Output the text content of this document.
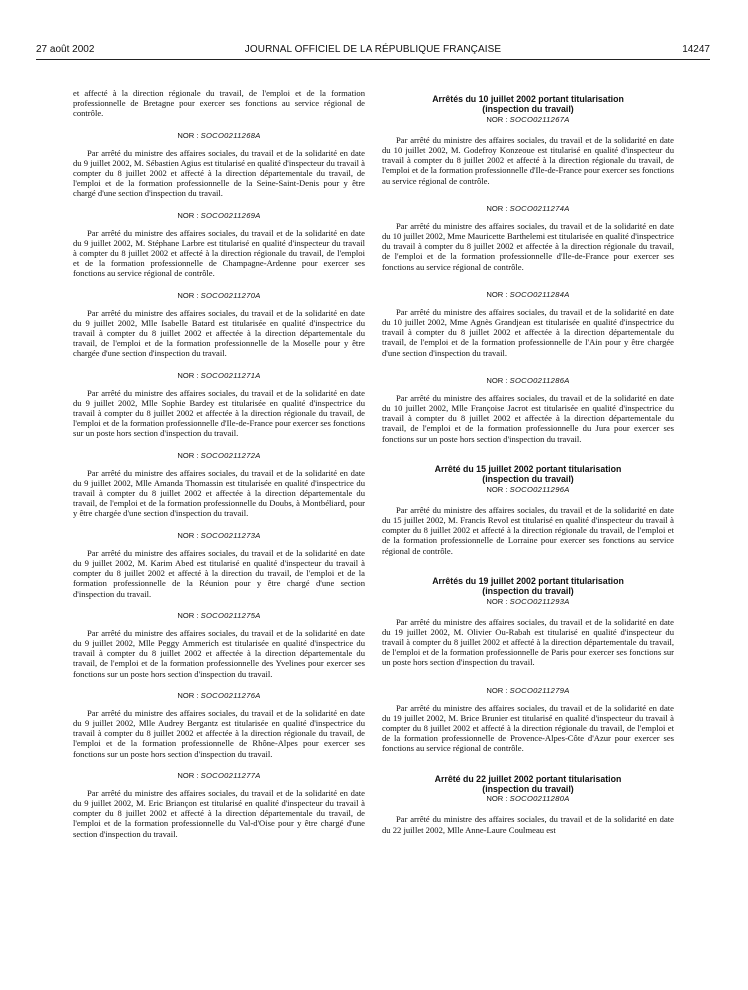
27 août 2002	JOURNAL OFFICIEL DE LA RÉPUBLIQUE FRANÇAISE	14247

et affecté à la direction régionale du travail, de l'emploi et de la formation professionnelle de Bretagne pour exercer ses fonctions au service régional de contrôle.

NOR : SOCO0211268A

Par arrêté du ministre des affaires sociales, du travail et de la solidarité en date du 9 juillet 2002, M. Sébastien Agius est titularisé en qualité d'inspecteur du travail à compter du 8 juillet 2002 et affecté à la direction départementale du travail, de l'emploi et de la formation professionnelle de la Seine-Saint-Denis pour y être chargé d'une section d'inspection du travail.

NOR : SOCO0211269A

Par arrêté du ministre des affaires sociales, du travail et de la solidarité en date du 9 juillet 2002, M. Stéphane Larbre est titularisé en qualité d'inspecteur du travail à compter du 8 juillet 2002 et affecté à la direction régionale du travail, de l'emploi et de la formation professionnelle de Champagne-Ardenne pour exercer ses fonctions au service régional de contrôle.

NOR : SOCO0211270A

Par arrêté du ministre des affaires sociales, du travail et de la solidarité en date du 9 juillet 2002, Mlle Isabelle Batard est titularisée en qualité d'inspectrice du travail à compter du 8 juillet 2002 et affectée à la direction départementale du travail, de l'emploi et de la formation professionnelle de la Moselle pour y être chargée d'une section d'inspection du travail.

NOR : SOCO0211271A

Par arrêté du ministre des affaires sociales, du travail et de la solidarité en date du 9 juillet 2002, Mlle Sophie Bardey est titularisée en qualité d'inspectrice du travail à compter du 8 juillet 2002 et affectée à la direction régionale du travail, de l'emploi et de la formation professionnelle d'Ile-de-France pour exercer ses fonctions sur un poste hors section d'inspection du travail.

NOR : SOCO0211272A

Par arrêté du ministre des affaires sociales, du travail et de la solidarité en date du 9 juillet 2002, Mlle Amanda Thomassin est titularisée en qualité d'inspectrice du travail à compter du 8 juillet 2002 et affectée à la direction départementale du travail, de l'emploi et de la formation professionnelle du Doubs, à Montbéliard, pour y être chargée d'une section d'inspection du travail.

NOR : SOCO0211273A

Par arrêté du ministre des affaires sociales, du travail et de la solidarité en date du 9 juillet 2002, M. Karim Abed est titularisé en qualité d'inspecteur du travail à compter du 8 juillet 2002 et affecté à la direction du travail, de l'emploi et de la formation professionnelle de la Réunion pour y être chargé d'une section d'inspection du travail.

NOR : SOCO0211275A

Par arrêté du ministre des affaires sociales, du travail et de la solidarité en date du 9 juillet 2002, Mlle Peggy Ammerich est titularisée en qualité d'inspectrice du travail à compter du 8 juillet 2002 et affectée à la direction départementale du travail, de l'emploi et de la formation professionnelle des Yvelines pour exercer ses fonctions sur un poste hors section d'inspection du travail.

NOR : SOCO0211276A

Par arrêté du ministre des affaires sociales, du travail et de la solidarité en date du 9 juillet 2002, Mlle Audrey Bergantz est titularisée en qualité d'inspectrice du travail à compter du 8 juillet 2002 et affectée à la direction régionale du travail, de l'emploi et de la formation professionnelle de Rhône-Alpes pour exercer ses fonctions sur un poste hors section d'inspection du travail.

NOR : SOCO0211277A

Par arrêté du ministre des affaires sociales, du travail et de la solidarité en date du 9 juillet 2002, M. Eric Briançon est titularisé en qualité d'inspecteur du travail à compter du 8 juillet 2002 et affecté à la direction départementale du travail, de l'emploi et de la formation professionnelle du Val-d'Oise pour y être chargé d'une section d'inspection du travail.

Arrêtés du 10 juillet 2002 portant titularisation
(inspection du travail)
NOR : SOCO0211267A

Par arrêté du ministre des affaires sociales, du travail et de la solidarité en date du 10 juillet 2002, M. Godefroy Konzeoue est titularisé en qualité d'inspecteur du travail à compter du 8 juillet 2002 et affecté à la direction régionale du travail, de l'emploi et de la formation professionnelle d'Ile-de-France pour exercer ses fonctions au service régional de contrôle.

NOR : SOCO0211274A

Par arrêté du ministre des affaires sociales, du travail et de la solidarité en date du 10 juillet 2002, Mme Mauricette Barthelemi est titularisée en qualité d'inspectrice du travail à compter du 8 juillet 2002 et affectée à la direction régionale du travail, de l'emploi et de la formation professionnelle d'Ile-de-France pour exercer ses fonctions au service régional de contrôle.

NOR : SOCO0211284A

Par arrêté du ministre des affaires sociales, du travail et de la solidarité en date du 10 juillet 2002, Mme Agnès Grandjean est titularisée en qualité d'inspectrice du travail à compter du 8 juillet 2002 et affectée à la direction départementale du travail, de l'emploi et de la formation professionnelle de l'Ain pour y être chargée d'une section d'inspection du travail.

NOR : SOCO0211286A

Par arrêté du ministre des affaires sociales, du travail et de la solidarité en date du 10 juillet 2002, Mlle Françoise Jacrot est titularisée en qualité d'inspectrice du travail à compter du 8 juillet 2002 et affectée à la direction départementale du travail, de l'emploi et de la formation professionnelle du Jura pour exercer ses fonctions sur un poste hors section d'inspection du travail.

Arrêté du 15 juillet 2002 portant titularisation
(inspection du travail)
NOR : SOCO0211296A

Par arrêté du ministre des affaires sociales, du travail et de la solidarité en date du 15 juillet 2002, M. Francis Revol est titularisé en qualité d'inspecteur du travail à compter du 8 juillet 2002 et affecté à la direction régionale du travail, de l'emploi et de la formation professionnelle de Lorraine pour exercer ses fonctions au service régional de contrôle.

Arrêtés du 19 juillet 2002 portant titularisation
(inspection du travail)
NOR : SOCO0211293A

Par arrêté du ministre des affaires sociales, du travail et de la solidarité en date du 19 juillet 2002, M. Olivier Ou-Rabah est titularisé en qualité d'inspecteur du travail à compter du 8 juillet 2002 et affecté à la direction départementale du travail, de l'emploi et de la formation professionnelle de Paris pour exercer ses fonctions sur un poste hors section d'inspection du travail.

NOR : SOCO0211279A

Par arrêté du ministre des affaires sociales, du travail et de la solidarité en date du 19 juillet 2002, M. Brice Brunier est titularisé en qualité d'inspecteur du travail à compter du 8 juillet 2002 et affecté à la direction régionale du travail, de l'emploi et de la formation professionnelle de Provence-Alpes-Côte d'Azur pour exercer ses fonctions au service régional de contrôle.

Arrêté du 22 juillet 2002 portant titularisation
(inspection du travail)
NOR : SOCO0211280A

Par arrêté du ministre des affaires sociales, du travail et de la solidarité en date du 22 juillet 2002, Mlle Anne-Laure Coulmeau est
